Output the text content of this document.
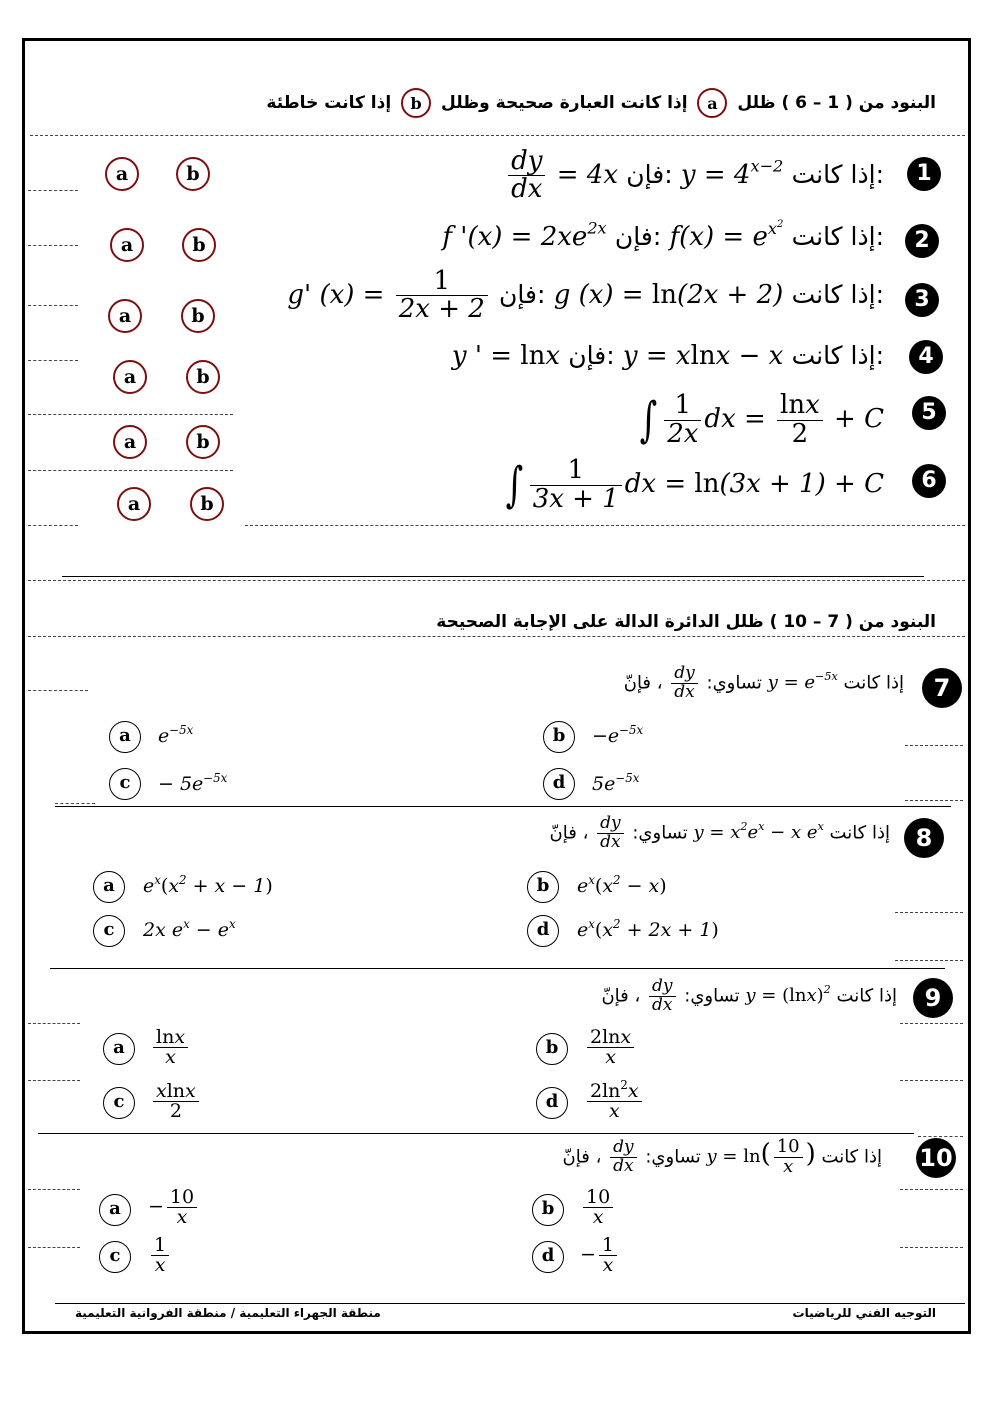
البنود من ( 1 – 6 ) ظلل a إذا كانت العبارة صحيحة وظلل b إذا كانت خاطئة
1
$\frac{dy}{dx} = 4x$ فإن: $y = 4^{x-2}$ إذا كانت:
a	b
2
f '$(x) = 2xe^{2x}$ فإن: $f(x) = e^{x^2}$ إذا كانت:
a	b
3
g' $(x) = \frac{1}{2x + 2}$ فإن: g (x) = ln(2x + 2) إذا كانت:
a	b
4
y ' = lnx فإن: y = xlnx − x إذا كانت:
a	b
5
∫ $\frac{1}{2x}$ dx = $\frac{\ln x}{2} + C$
a	b
6
∫ $\frac{1}{3x + 1}$ dx = ln(3x + 1) + C
a	b
البنود من ( 7 – 10 ) ظلل الدائرة الدالة على الإجابة الصحيحة
7
تساوي:
$\frac{dy}{dx}$
، فإنّ	$y = e^{-5x}$ إذا كانت
a	$e^{-5x}$	b	$-e^{-5x}$
c	− $5e^{-5x}$	d	$5e^{-5x}$
8
تساوي:
$\frac{dy}{dx}$
، فإنّ	$y = x^2e^x - x$ $e^x$ إذا كانت
a	$e^x(x^2 + x - 1)$	b	$e^x(x^2 - x)$
c	2x $e^x - e^x$	d	$e^x(x^2 + 2x + 1)$
9
تساوي:
$\frac{dy}{dx}$
، فإنّ	$y = (\ln x)^2$ إذا كانت
a	$\frac{\ln x}{x}$	b	$\frac{2\ln x}{x}$
c	$\frac{xlnx}{2}$	d	$\frac{2\ln^2x}{x}$
10
تساوي:
$\frac{dy}{dx}$
، فإنّ	$y = \ln( \frac{10}{x}$ ) إذا كانت
a	− $\frac{10}{x}$	b	$\frac{10}{x}$
c	$\frac{1}{x}$	d	− $\frac{1}{x}$
التوجيه الفني للرياضيات
منطقة الجهراء التعليمية / منطقة الفروانية التعليمية
